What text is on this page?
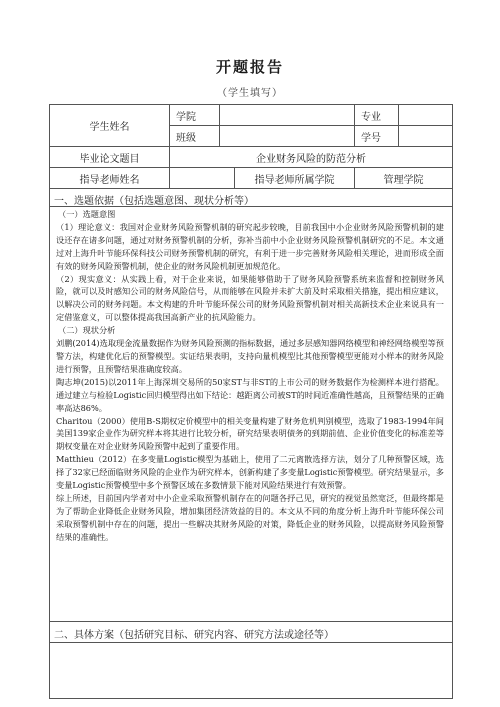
开题报告
（学生填写）
学生姓名
学院	专业
班级	学号
毕业论文题目	企业财务风险的防范分析
指导老师姓名	指导老师所属学院	管理学院
一、选题依据（包括选题意图、现状分析等）

（一）选题意图

（1）理论意义：我国对企业财务风险预警机制的研究起步较晚，目前我国中小企业财务风险预警机制的建设还存在诸多问题，通过对财务预警机制的分析，弥补当前中小企业财务风险预警机制研究的不足。本文通过对上海升叶节能环保科技公司财务预警机制的研究，有利于进一步完善财务风险相关理论，进而形成全面有效的财务风险预警机制，使企业的财务风险机制更加规范化。

（2）现实意义：从实践上看，对于企业来说，如果能够借助于了财务风险预警系统来监督和控制财务风险，就可以及时感知公司的财务风险信号，从而能够在风险并未扩大前及时采取相关措施，提出相应建议，以解决公司的财务问题。本文构建的升叶节能环保公司的财务风险预警机制对相关高新技术企业来说具有一定借鉴意义，可以整体提高我国高新产业的抗风险能力。

（二）现状分析

刘鹏(2014)选取现金流量数据作为财务风险预测的指标数据，通过多层感知器网络模型和神经网络模型等预警方法，构建优化后的预警模型。实证结果表明，支持向量机模型比其他预警模型更能对小样本的财务风险进行预警，且预警结果准确度较高。

陶志坤(2015)以2011年上海深圳交易所的50家ST与非ST的上市公司的财务数据作为检测样本进行搭配。通过建立与检验Logistic回归模型得出如下结论：越距离公司被ST的时间近准确性越高，且预警结果的正确率高达86%。

Charitou（2000）使用B-S期权定价模型中的相关变量构建了财务危机判别模型，选取了1983-1994年间美国139家企业作为研究样本将其进行比较分析，研究结果表明债务的到期前值、企业价值变化的标准差等期权变量在对企业财务风险预警中起到了重要作用。

Matthieu（2012）在多变量Logistic模型为基础上，使用了二元离散选择方法，划分了几种预警区域，选择了32家已经面临财务风险的企业作为研究样本，创新构建了多变量Logistic预警模型。研究结果显示，多变量Logistic预警模型中多个预警区域在多数情景下能对风险结果进行有效预警。

综上所述，目前国内学者对中小企业采取预警机制存在的问题各抒己见，研究的视觉虽然宽泛，但最终都是为了帮助企业降低企业财务风险，增加集团经济效益的目的。本文从不同的角度分析上海升叶节能环保公司采取预警机制中存在的问题，提出一些解决其财务风险的对策，降低企业的财务风险，以提高财务风险预警结果的准确性。

二、具体方案（包括研究目标、研究内容、研究方法或途径等）
